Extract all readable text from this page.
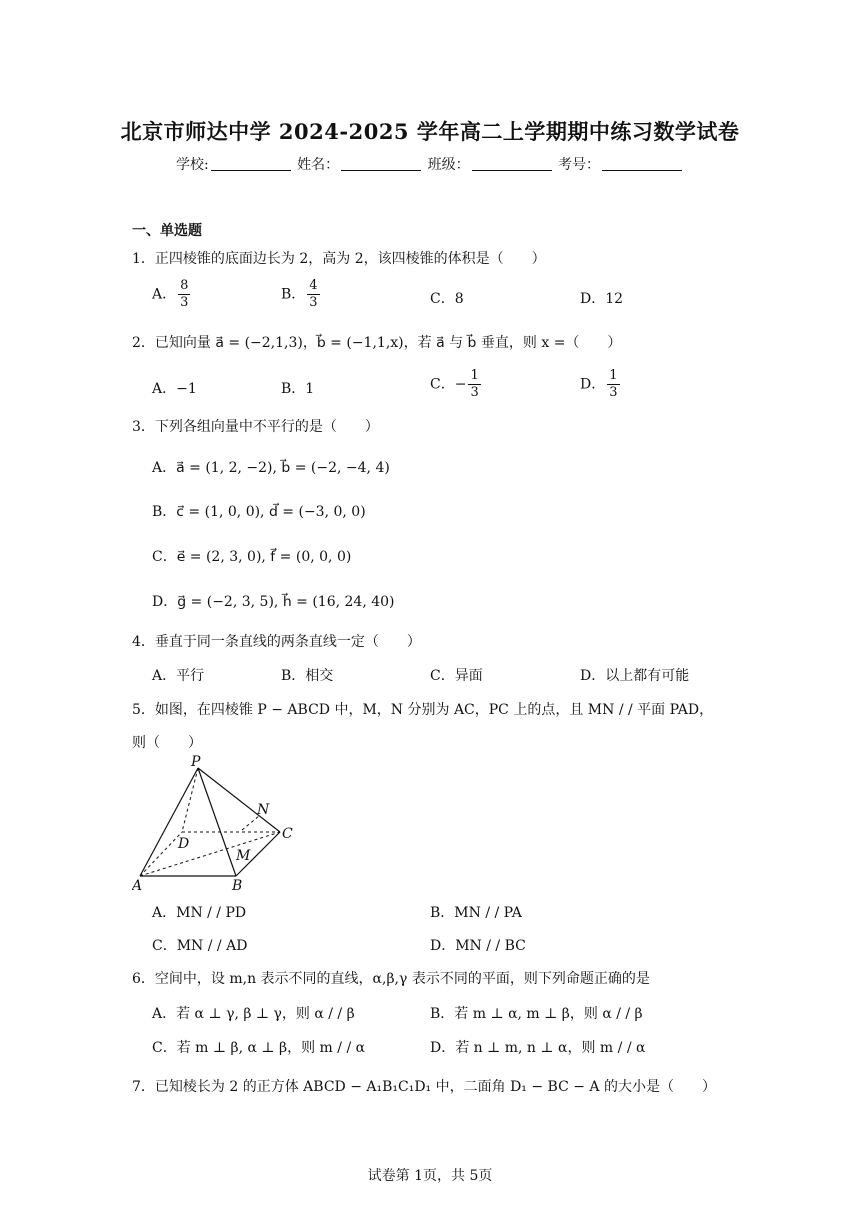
北京市师达中学 2024-2025 学年高二上学期期中练习数学试卷
学校:	姓名：	班级：	考号：
一、单选题
1．正四棱锥的底面边长为 2，高为 2，该四棱锥的体积是（　　）
A． $\frac{8}{3}$	B． $\frac{4}{3}$	C．8	D．12
2．已知向量 a⃗ = (−2,1,3)，b⃗ = (−1,1,x)，若 a⃗ 与 b⃗ 垂直，则 x =（　　）
A．−1	B．1	C．− $\frac{1}{3}$	D． $\frac{1}{3}$
3．下列各组向量中不平行的是（　　）
A．a⃗ = (1, 2, −2), b⃗ = (−2, −4, 4)
B．c⃗ = (1, 0, 0), d⃗ = (−3, 0, 0)
C．e⃗ = (2, 3, 0), f⃗ = (0, 0, 0)
D．g⃗ = (−2, 3, 5), h⃗ = (16, 24, 40)
4．垂直于同一条直线的两条直线一定（　　）
A．平行	B．相交	C．异面	D．以上都有可能
5．如图，在四棱锥 P − ABCD 中，M，N 分别为 AC，PC 上的点，且 MN / / 平面 PAD，
则（　　）
P
N
C
D
M
A	B
A．MN / / PD	B．MN / / PA
C．MN / / AD	D．MN / / BC
6．空间中，设 m,n 表示不同的直线，α,β,γ 表示不同的平面，则下列命题正确的是
A．若 α ⊥ γ, β ⊥ γ，则 α / / β	B．若 m ⊥ α, m ⊥ β，则 α / / β
C．若 m ⊥ β, α ⊥ β，则 m / / α	D．若 n ⊥ m, n ⊥ α，则 m / / α
7．已知棱长为 2 的正方体 ABCD − A₁B₁C₁D₁ 中，二面角 D₁ − BC − A 的大小是（　　）
试卷第 1页，共 5页
